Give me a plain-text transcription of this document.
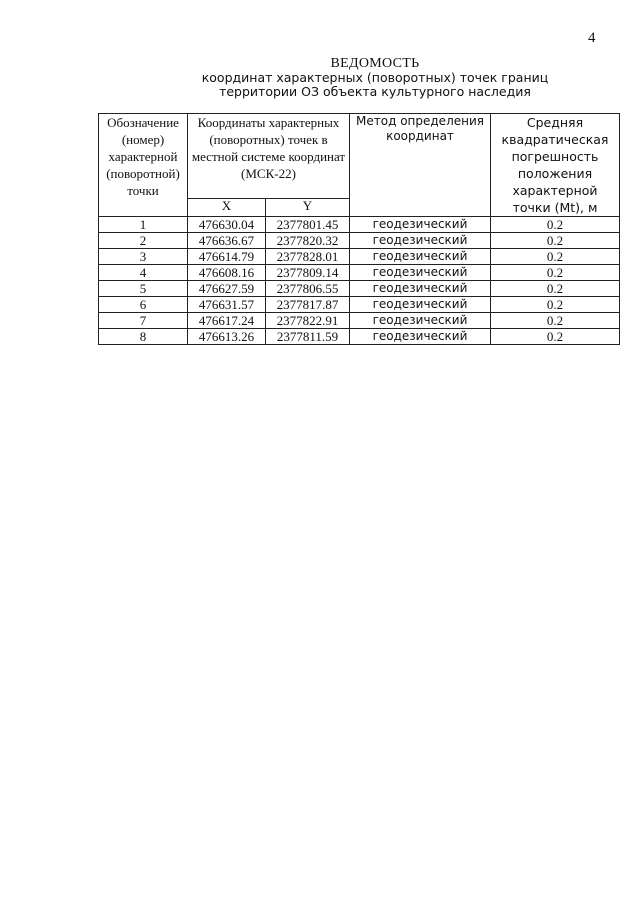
4
ВЕДОМОСТЬ
координат характерных (поворотных) точек границ
территории ОЗ объекта культурного наследия
Обозначение (номер) характерной (поворотной) точки	Координаты характерных (поворотных) точек в местной системе координат (МСК-22)		Метод определения координат	Средняя квадратическая погрешность положения характерной точки (Mt), м
	X	Y		
1	476630.04	2377801.45	геодезический	0.2
2	476636.67	2377820.32	геодезический	0.2
3	476614.79	2377828.01	геодезический	0.2
4	476608.16	2377809.14	геодезический	0.2
5	476627.59	2377806.55	геодезический	0.2
6	476631.57	2377817.87	геодезический	0.2
7	476617.24	2377822.91	геодезический	0.2
8	476613.26	2377811.59	геодезический	0.2
